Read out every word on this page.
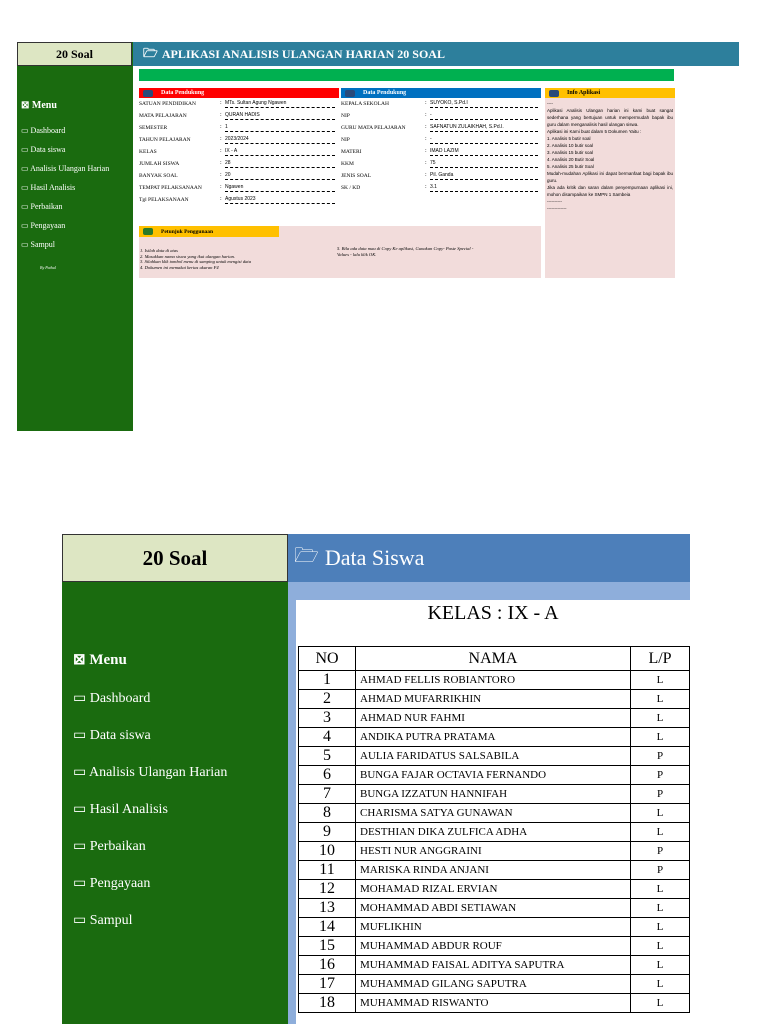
20 Soal
⊠ Menu
▭ Dashboard
▭ Data siswa
▭ Analisis Ulangan Harian
▭ Hasil Analisis
▭ Perbaikan
▭ Pengayaan
▭ Sampul
By Pathul
🗁 APLIKASI ANALISIS ULANGAN HARIAN 20 SOAL
Data Pendukung
SATUAN PENDIDIKAN	: MTs. Sultan Agung Ngawen
MATA PELAJARAN	: QURAN HADIS
SEMESTER	: 1
TAHUN PELAJARAN	: 2023/2024
KELAS	: IX - A
JUMLAH SISWA	: 28
BANYAK SOAL	: 20
TEMPAT PELAKSANAAN	: Ngawen
Tgl PELAKSANAAN	: Agustus 2023
Data Pendukung
KEPALA SEKOLAH	: SUYOKO, S.Pd.I
NIP	: -
GURU MATA PELAJARAN	: SAFNATUN ZULAIKHAH, S.Pd.I.
NIP	: -
MATERI	: IMAD LAZIM
KKM	: 75
JENIS SOAL	: Pil. Ganda
SK / KD	: 3.1
Info Aplikasi
----
Aplikasi Analisis Ulangan harian ini kami buat sangat sederhana yang bertujuan untuk mempermudah bapak ibu guru dalam menganalisis hasil ulangan siswa.
Aplikasi ini Kami buat dalam 5 Dokumen Yaitu :
1. Analisis 5 butir soal
2. Analisis 10 butir soal
3. Analisis 15 butir soal
4. Analisis 20 Butir Soal
5. Analisis 25 butir Soal
Mudah-mudahan Aplikasi ini dapat bermanfaat bagi bapak ibu guru.
Jika ada kritik dan saran dalam penyempurnaan aplikasi ini, mohon disampaikan ke SMPN 1 Sambeia
----------
-------------
Petunjuk Penggunaan
1. Isilah data di atas
2. Masukkan nama siswa yang ikut ulangan harian.
3. Silahkan klik tombol menu di samping untuk mengisi data
4. Dokumen ini memakai kertas ukuran F4
5. Bila ada data mau di Copy Ke aplikasi, Gunakan Copy- Paste Special -
Values - lalu klik OK.
20 Soal
⊠ Menu
▭ Dashboard
▭ Data siswa
▭ Analisis Ulangan Harian
▭ Hasil Analisis
▭ Perbaikan
▭ Pengayaan
▭ Sampul
🗁 Data Siswa
KELAS : IX - A
NO	NAMA	L/P
1	AHMAD FELLIS ROBIANTORO	L
2	AHMAD MUFARRIKHIN	L
3	AHMAD NUR FAHMI	L
4	ANDIKA PUTRA PRATAMA	L
5	AULIA FARIDATUS SALSABILA	P
6	BUNGA FAJAR OCTAVIA FERNANDO	P
7	BUNGA IZZATUN HANNIFAH	P
8	CHARISMA SATYA GUNAWAN	L
9	DESTHIAN DIKA ZULFICA ADHA	L
10	HESTI NUR ANGGRAINI	P
11	MARISKA RINDA ANJANI	P
12	MOHAMAD RIZAL ERVIAN	L
13	MOHAMMAD ABDI SETIAWAN	L
14	MUFLIKHIN	L
15	MUHAMMAD ABDUR ROUF	L
16	MUHAMMAD FAISAL ADITYA SAPUTRA	L
17	MUHAMMAD GILANG SAPUTRA	L
18	MUHAMMAD RISWANTO	L
